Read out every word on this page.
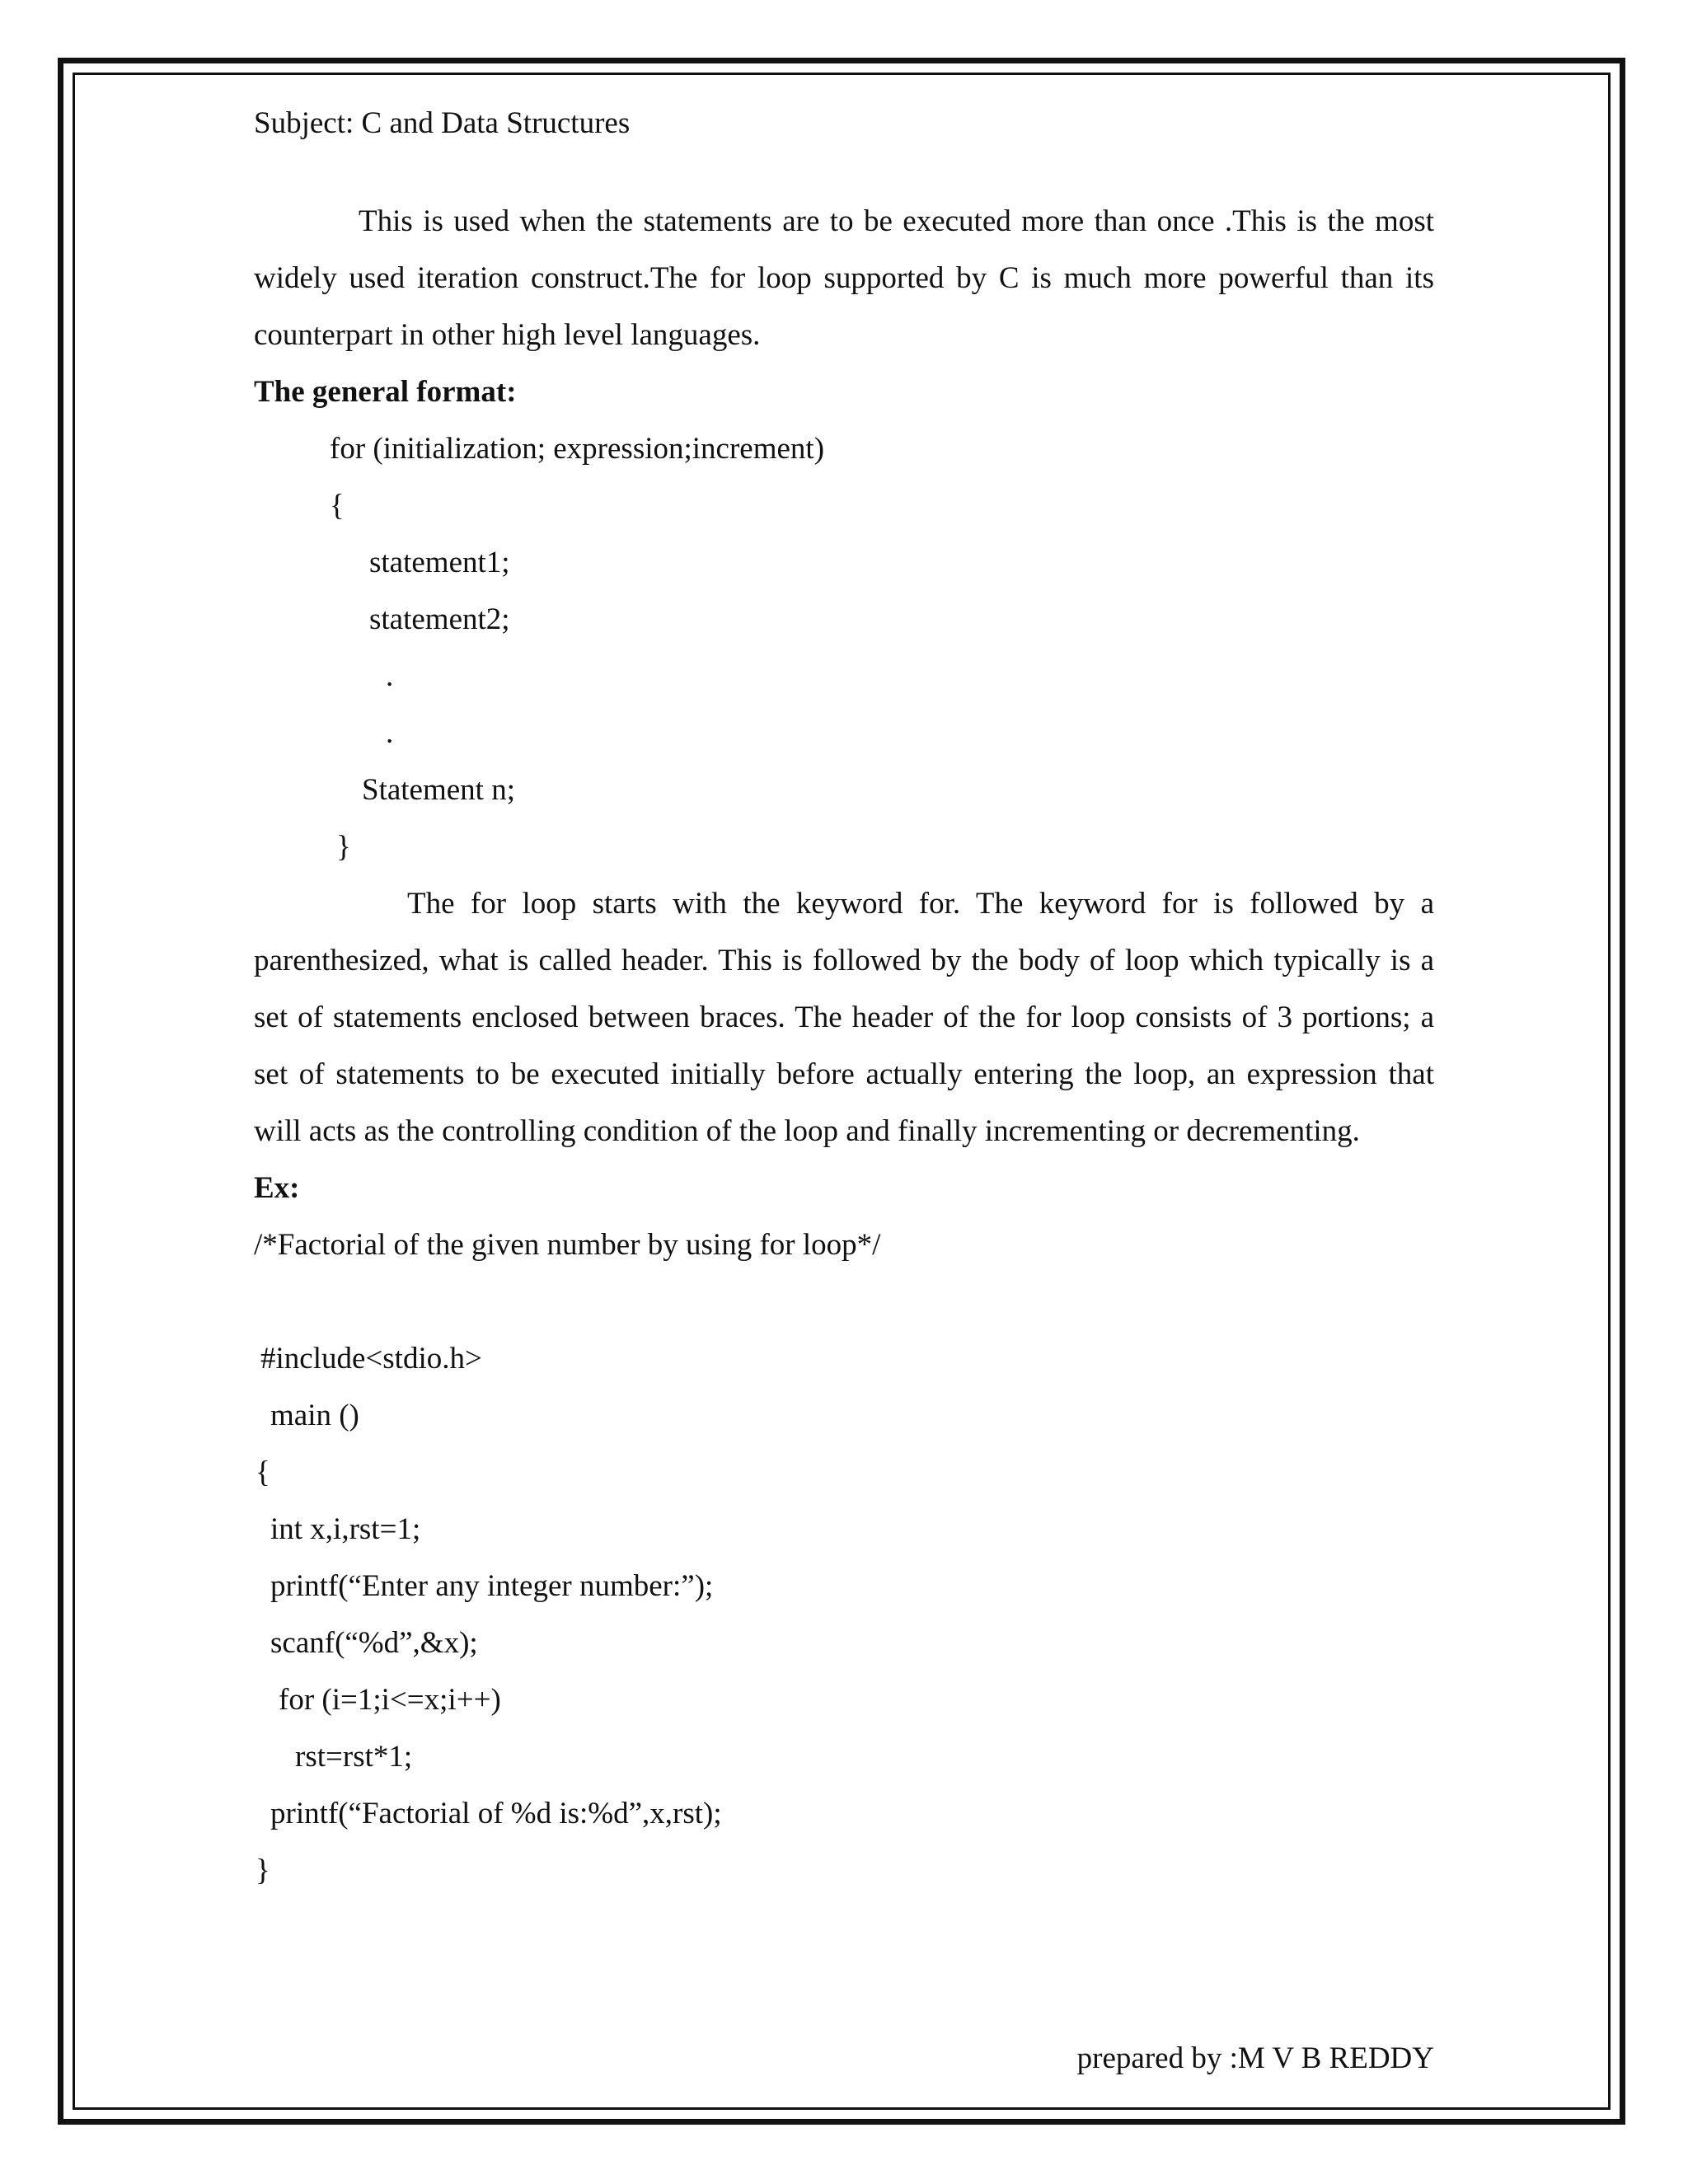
Subject: C and Data Structures

This is used when the statements are to be executed more than once .This is the most widely used iteration construct.The for loop supported by C is much more powerful than its counterpart in other high level languages.

The general format:
for (initialization; expression;increment)
{
statement1;
statement2;
.
.
Statement n;
}

The for loop starts with the keyword for. The keyword for is followed by a parenthesized, what is called header. This is followed by the body of loop which typically is a set of statements enclosed between braces. The header of the for loop consists of 3 portions; a set of statements to be executed initially before actually entering the loop, an expression that will acts as the controlling condition of the loop and finally incrementing or decrementing.

Ex:
/*Factorial of the given number by using for loop*/
#include<stdio.h>
main ()
{
int x,i,rst=1;
printf(“Enter any integer number:”);
scanf(“%d”,&x);
for (i=1;i<=x;i++)
rst=rst*1;
printf(“Factorial of %d is:%d”,x,rst);
}
prepared by :M V B REDDY
